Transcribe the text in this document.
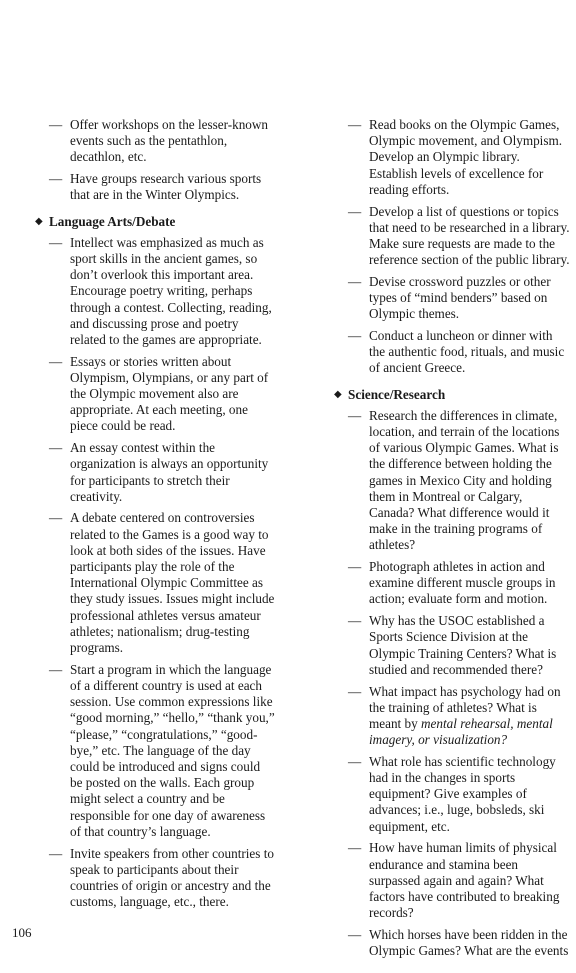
— Offer workshops on the lesser-known events such as the pentathlon, decathlon, etc.
— Have groups research various sports that are in the Winter Olympics.
◆ Language Arts/Debate
— Intellect was emphasized as much as sport skills in the ancient games, so don’t overlook this important area. Encourage poetry writing, perhaps through a contest. Collecting, reading, and discussing prose and poetry related to the games are appropriate.
— Essays or stories written about Olympism, Olympians, or any part of the Olympic movement also are appropriate. At each meeting, one piece could be read.
— An essay contest within the organization is always an opportunity for participants to stretch their creativity.
— A debate centered on controversies related to the Games is a good way to look at both sides of the issues. Have participants play the role of the International Olympic Committee as they study issues. Issues might include professional athletes versus amateur athletes; nationalism; drug-testing programs.
— Start a program in which the language of a different country is used at each session. Use common expressions like “good morning,” “hello,” “thank you,” “please,” “congratulations,” “good-bye,” etc. The language of the day could be introduced and signs could be posted on the walls. Each group might select a country and be responsible for one day of awareness of that country’s language.
— Invite speakers from other countries to speak to participants about their countries of origin or ancestry and the customs, language, etc., there.
— Read books on the Olympic Games, Olympic movement, and Olympism. Develop an Olympic library. Establish levels of excellence for reading efforts.
— Develop a list of questions or topics that need to be researched in a library. Make sure requests are made to the reference section of the public library.
— Devise crossword puzzles or other types of “mind benders” based on Olympic themes.
— Conduct a luncheon or dinner with the authentic food, rituals, and music of ancient Greece.
◆ Science/Research
— Research the differences in climate, location, and terrain of the locations of various Olympic Games. What is the difference between holding the games in Mexico City and holding them in Montreal or Calgary, Canada? What difference would it make in the training programs of athletes?
— Photograph athletes in action and examine different muscle groups in action; evaluate form and motion.
— Why has the USOC established a Sports Science Division at the Olympic Training Centers? What is studied and recommended there?
— What impact has psychology had on the training of athletes? What is meant by mental rehearsal, mental imagery, or visualization?
— What role has scientific technology had in the changes in sports equipment? Give examples of advances; i.e., luge, bobsleds, ski equipment, etc.
— How have human limits of physical endurance and stamina been surpassed again and again? What factors have contributed to breaking records?
— Which horses have been ridden in the Olympic Games? What are the events
106
